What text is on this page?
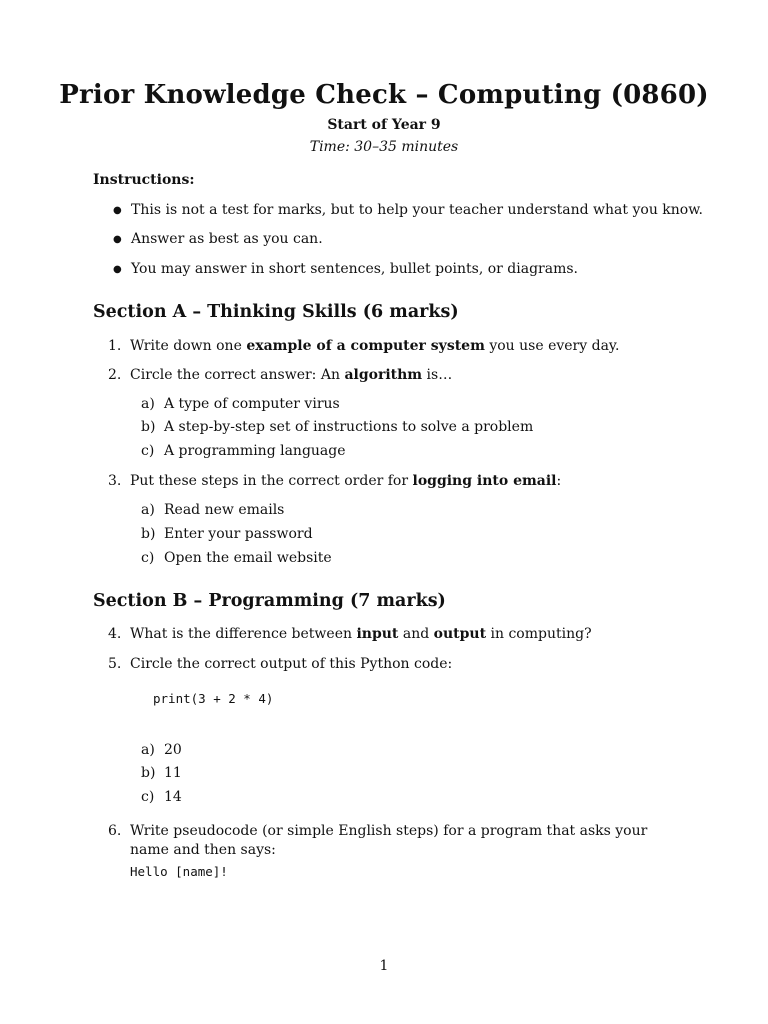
Prior Knowledge Check – Computing (0860)
Start of Year 9
Time: 30–35 minutes
Instructions:
● This is not a test for marks, but to help your teacher understand what you know.
● Answer as best as you can.
● You may answer in short sentences, bullet points, or diagrams.
Section A – Thinking Skills (6 marks)
1. Write down one example of a computer system you use every day.
2. Circle the correct answer: An algorithm is…
a) A type of computer virus
b) A step-by-step set of instructions to solve a problem
c) A programming language
3. Put these steps in the correct order for logging into email:
a) Read new emails
b) Enter your password
c) Open the email website
Section B – Programming (7 marks)
4. What is the difference between input and output in computing?
5. Circle the correct output of this Python code:
print(3 + 2 * 4)
a) 20
b) 11
c) 14
6. Write pseudocode (or simple English steps) for a program that asks your name and then says:
Hello [name]!
1
